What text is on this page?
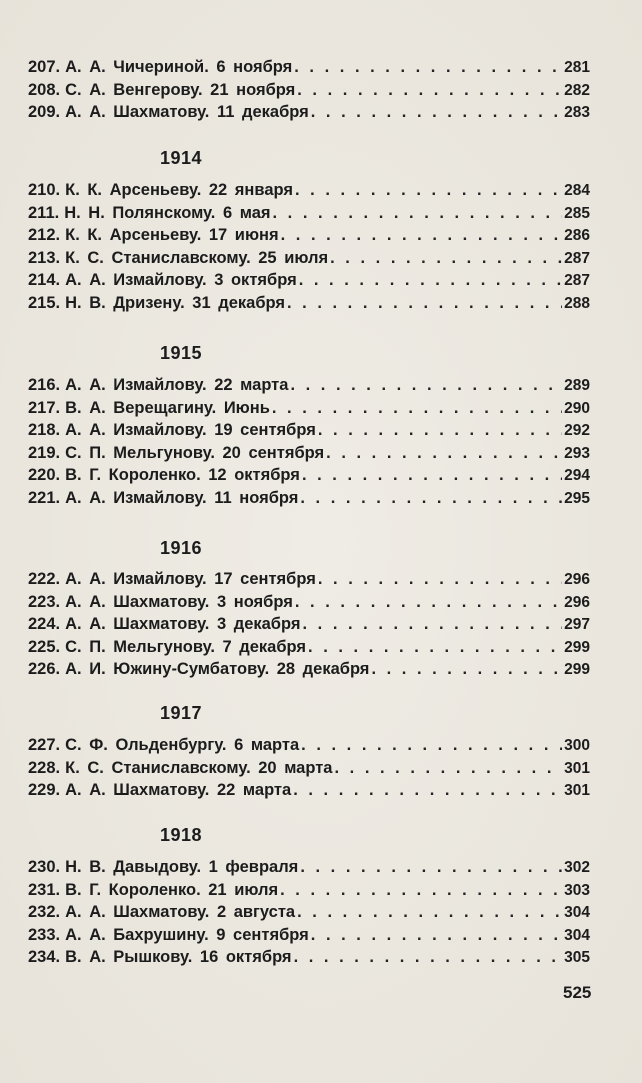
207. А. А. Чичериной. 6 ноября . . .	281
208. С. А. Венгерову. 21 ноября . . .	282
209. А. А. Шахматову. 11 декабря . . .	283
1914
210. К. К. Арсеньеву. 22 января . . .	284
211. Н. Н. Полянскому. 6 мая . . .	285
212. К. К. Арсеньеву. 17 июня . . .	286
213. К. С. Станиславскому. 25 июля . . .	287
214. А. А. Измайлову. 3 октября . . .	287
215. Н. В. Дризену. 31 декабря . . .	288
1915
216. А. А. Измайлову. 22 марта . . .	289
217. В. А. Верещагину. Июнь . . .	290
218. А. А. Измайлову. 19 сентября . . .	292
219. С. П. Мельгунову. 20 сентября . . .	293
220. В. Г. Короленко. 12 октября . . .	294
221. А. А. Измайлову. 11 ноября . . .	295
1916
222. А. А. Измайлову. 17 сентября . . .	296
223. А. А. Шахматову. 3 ноября . . .	296
224. А. А. Шахматову. 3 декабря . . .	297
225. С. П. Мельгунову. 7 декабря . . .	299
226. А. И. Южину-Сумбатову. 28 декабря . . .	299
1917
227. С. Ф. Ольденбургу. 6 марта . . .	300
228. К. С. Станиславскому. 20 марта . . .	301
229. А. А. Шахматову. 22 марта . . .	301
1918
230. Н. В. Давыдову. 1 февраля . . .	302
231. В. Г. Короленко. 21 июля . . .	303
232. А. А. Шахматову. 2 августа . . .	304
233. А. А. Бахрушину. 9 сентября . . .	304
234. В. А. Рышкову. 16 октября . . .	305
525
